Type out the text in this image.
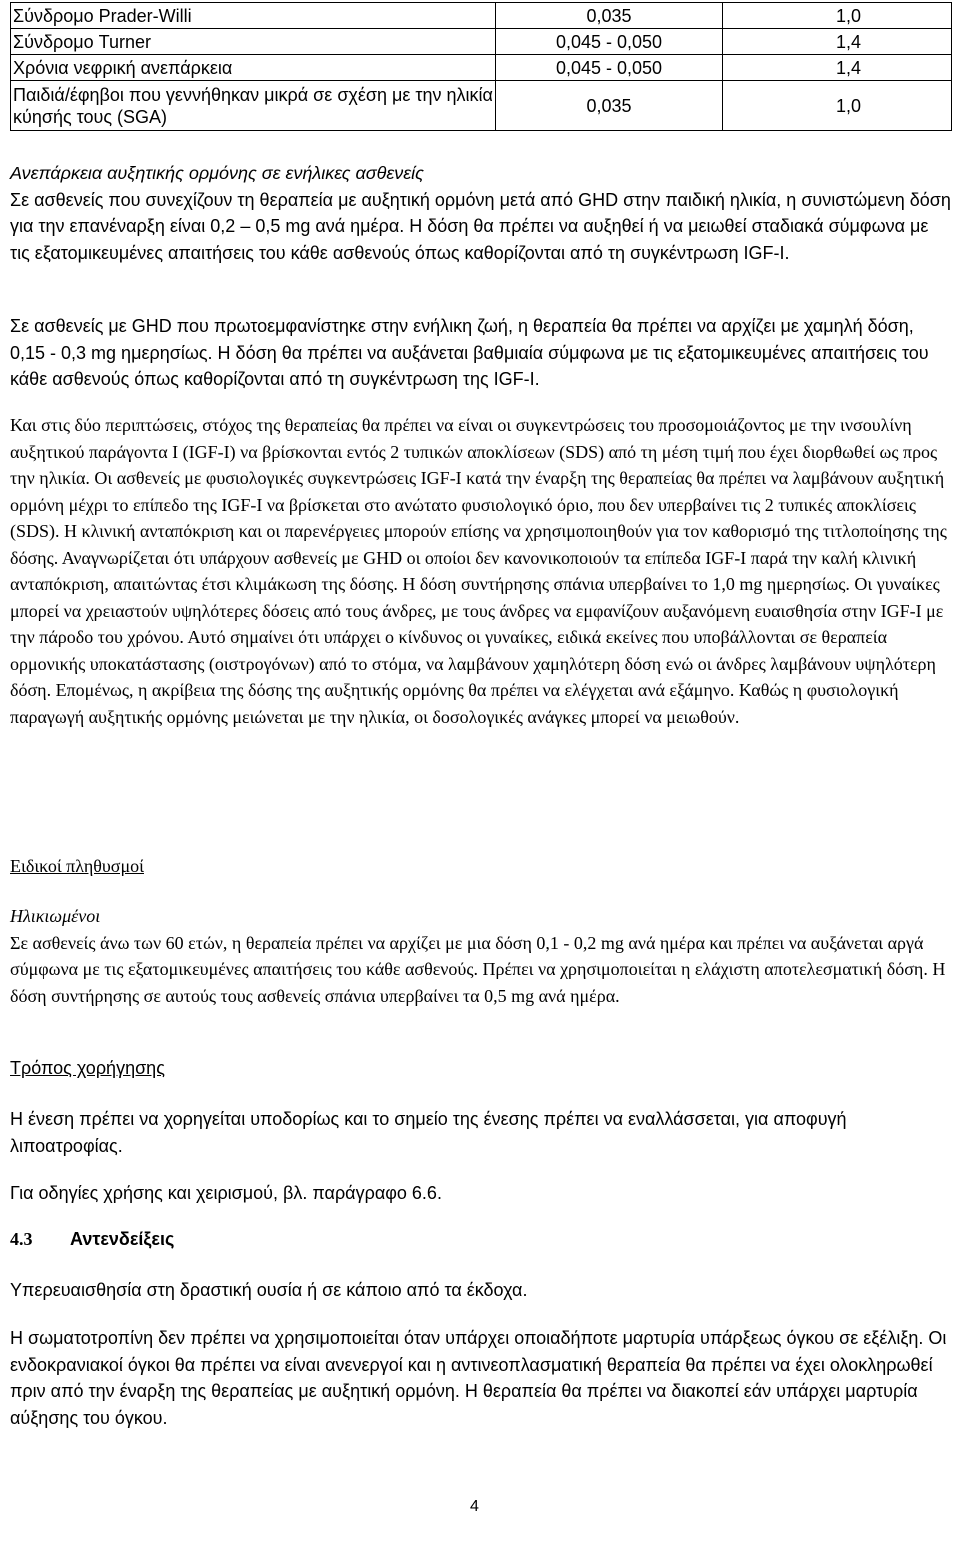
Σύνδρομο Prader-Willi	0,035	1,0
Σύνδρομο Turner	0,045 - 0,050	1,4
Χρόνια νεφρική ανεπάρκεια	0,045 - 0,050	1,4
Παιδιά/έφηβοι που γεννήθηκαν μικρά σε σχέση με την ηλικία κύησής τους (SGA)	0,035	1,0

Ανεπάρκεια αυξητικής ορμόνης σε ενήλικες ασθενείς

Σε ασθενείς που συνεχίζουν τη θεραπεία με αυξητική ορμόνη μετά από GHD στην παιδική ηλικία, η συνιστώμενη δόση για την επανέναρξη είναι 0,2 – 0,5 mg ανά ημέρα. Η δόση θα πρέπει να αυξηθεί ή να μειωθεί σταδιακά σύμφωνα με τις εξατομικευμένες απαιτήσεις του κάθε ασθενούς όπως καθορίζονται από τη συγκέντρωση IGF-I.

Σε ασθενείς με GHD που πρωτοεμφανίστηκε στην ενήλικη ζωή, η θεραπεία θα πρέπει να αρχίζει με χαμηλή δόση, 0,15 - 0,3 mg ημερησίως. Η δόση θα πρέπει να αυξάνεται βαθμιαία σύμφωνα με τις εξατομικευμένες απαιτήσεις του κάθε ασθενούς όπως καθορίζονται από τη συγκέντρωση της IGF-I.

Και στις δύο περιπτώσεις, στόχος της θεραπείας θα πρέπει να είναι οι συγκεντρώσεις του προσομοιάζοντος με την ινσουλίνη αυξητικού παράγοντα Ι (IGF-I) να βρίσκονται εντός 2 τυπικών αποκλίσεων (SDS) από τη μέση τιμή που έχει διορθωθεί ως προς την ηλικία. Οι ασθενείς με φυσιολογικές συγκεντρώσεις IGF-I κατά την έναρξη της θεραπείας θα πρέπει να λαμβάνουν αυξητική ορμόνη μέχρι το επίπεδο της IGF-I να βρίσκεται στο ανώτατο φυσιολογικό όριο, που δεν υπερβαίνει τις 2 τυπικές αποκλίσεις (SDS). Η κλινική ανταπόκριση και οι παρενέργειες μπορούν επίσης να χρησιμοποιηθούν για τον καθορισμό της τιτλοποίησης της δόσης. Αναγνωρίζεται ότι υπάρχουν ασθενείς με GHD οι οποίοι δεν κανονικοποιούν τα επίπεδα IGF-I παρά την καλή κλινική ανταπόκριση, απαιτώντας έτσι κλιμάκωση της δόσης. Η δόση συντήρησης σπάνια υπερβαίνει το 1,0 mg ημερησίως. Οι γυναίκες μπορεί να χρειαστούν υψηλότερες δόσεις από τους άνδρες, με τους άνδρες να εμφανίζουν αυξανόμενη ευαισθησία στην IGF-I με την πάροδο του χρόνου. Αυτό σημαίνει ότι υπάρχει ο κίνδυνος οι γυναίκες, ειδικά εκείνες που υποβάλλονται σε θεραπεία ορμονικής υποκατάστασης (οιστρογόνων) από το στόμα, να λαμβάνουν χαμηλότερη δόση ενώ οι άνδρες λαμβάνουν υψηλότερη δόση. Επομένως, η ακρίβεια της δόσης της αυξητικής ορμόνης θα πρέπει να ελέγχεται ανά εξάμηνο. Καθώς η φυσιολογική παραγωγή αυξητικής ορμόνης μειώνεται με την ηλικία, οι δοσολογικές ανάγκες μπορεί να μειωθούν.

Ειδικοί πληθυσμοί

Ηλικιωμένοι

Σε ασθενείς άνω των 60 ετών, η θεραπεία πρέπει να αρχίζει με μια δόση 0,1 - 0,2 mg ανά ημέρα και πρέπει να αυξάνεται αργά σύμφωνα με τις εξατομικευμένες απαιτήσεις του κάθε ασθενούς. Πρέπει να χρησιμοποιείται η ελάχιστη αποτελεσματική δόση. Η δόση συντήρησης σε αυτούς τους ασθενείς σπάνια υπερβαίνει τα 0,5 mg ανά ημέρα.

Τρόπος χορήγησης

Η ένεση πρέπει να χορηγείται υποδορίως και το σημείο της ένεσης πρέπει να εναλλάσσεται, για αποφυγή λιποατροφίας.

Για οδηγίες χρήσης και χειρισμού, βλ. παράγραφο 6.6.

4.3 Αντενδείξεις

Υπερευαισθησία στη δραστική ουσία ή σε κάποιο από τα έκδοχα.

Η σωματοτροπίνη δεν πρέπει να χρησιμοποιείται όταν υπάρχει οποιαδήποτε μαρτυρία υπάρξεως όγκου σε εξέλιξη. Οι ενδοκρανιακοί όγκοι θα πρέπει να είναι ανενεργοί και η αντινεοπλασματική θεραπεία θα πρέπει να έχει ολοκληρωθεί πριν από την έναρξη της θεραπείας με αυξητική ορμόνη. Η θεραπεία θα πρέπει να διακοπεί εάν υπάρχει μαρτυρία αύξησης του όγκου.

4
